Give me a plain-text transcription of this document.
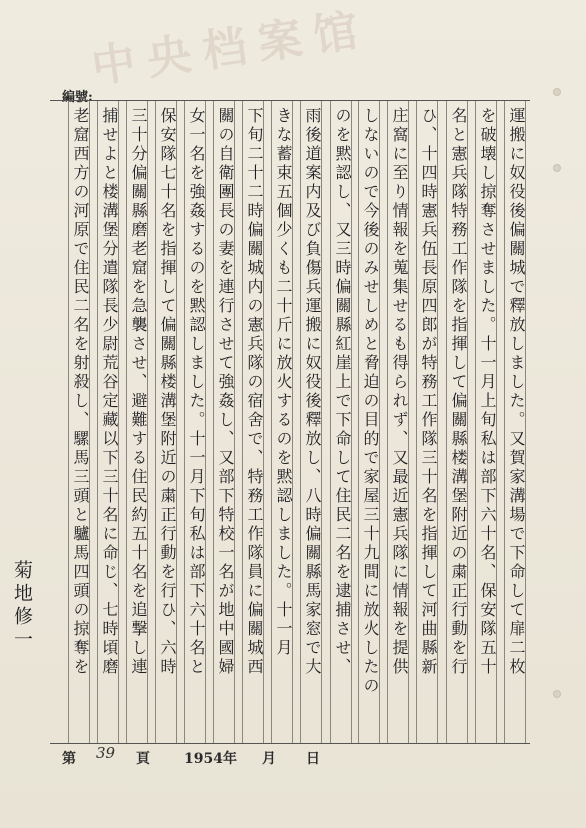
中央档案馆
編號:
運搬に奴役後偏關城で釋放しました。又賀家溝場で下命して扉二枚
を破壊し掠奪させました。十一月上旬私は部下六十名、保安隊五十
名と憲兵隊特務工作隊を指揮して偏關縣楼溝堡附近の粛正行動を行
ひ、十四時憲兵伍長原四郎が特務工作隊三十名を指揮して河曲縣新
庄窩に至り情報を蒐集せるも得られず、又最近憲兵隊に情報を提供
しないので今後のみせしめと脅迫の目的で家屋三十九間に放火したの
のを黙認し、又三時偏關縣紅崖上で下命して住民二名を逮捕させ、
雨後道案内及び負傷兵運搬に奴役後釋放し、八時偏關縣馬家窓で大
きな蓄束五個少くも二十斤に放火するのを黙認しました。十一月
下旬二十二時偏關城内の憲兵隊の宿舍で、特務工作隊員に偏關城西
關の自衛團長の妻を連行させて強姦し、又部下特校一名が地中國婦
女一名を強姦するのを黙認しました。十一月下旬私は部下六十名と
保安隊七十名を指揮して偏關縣楼溝堡附近の粛正行動を行ひ、六時
三十分偏關縣磨老窟を急襲させ、避難する住民約五十名を追撃し連
捕せよと楼溝堡分遣隊長少尉荒谷定藏以下三十名に命じ、七時頃磨
老窟西方の河原で住民二名を射殺し、騾馬三頭と驢馬四頭の掠奪を
菊地修一
第 39 頁 1954年 月 日
